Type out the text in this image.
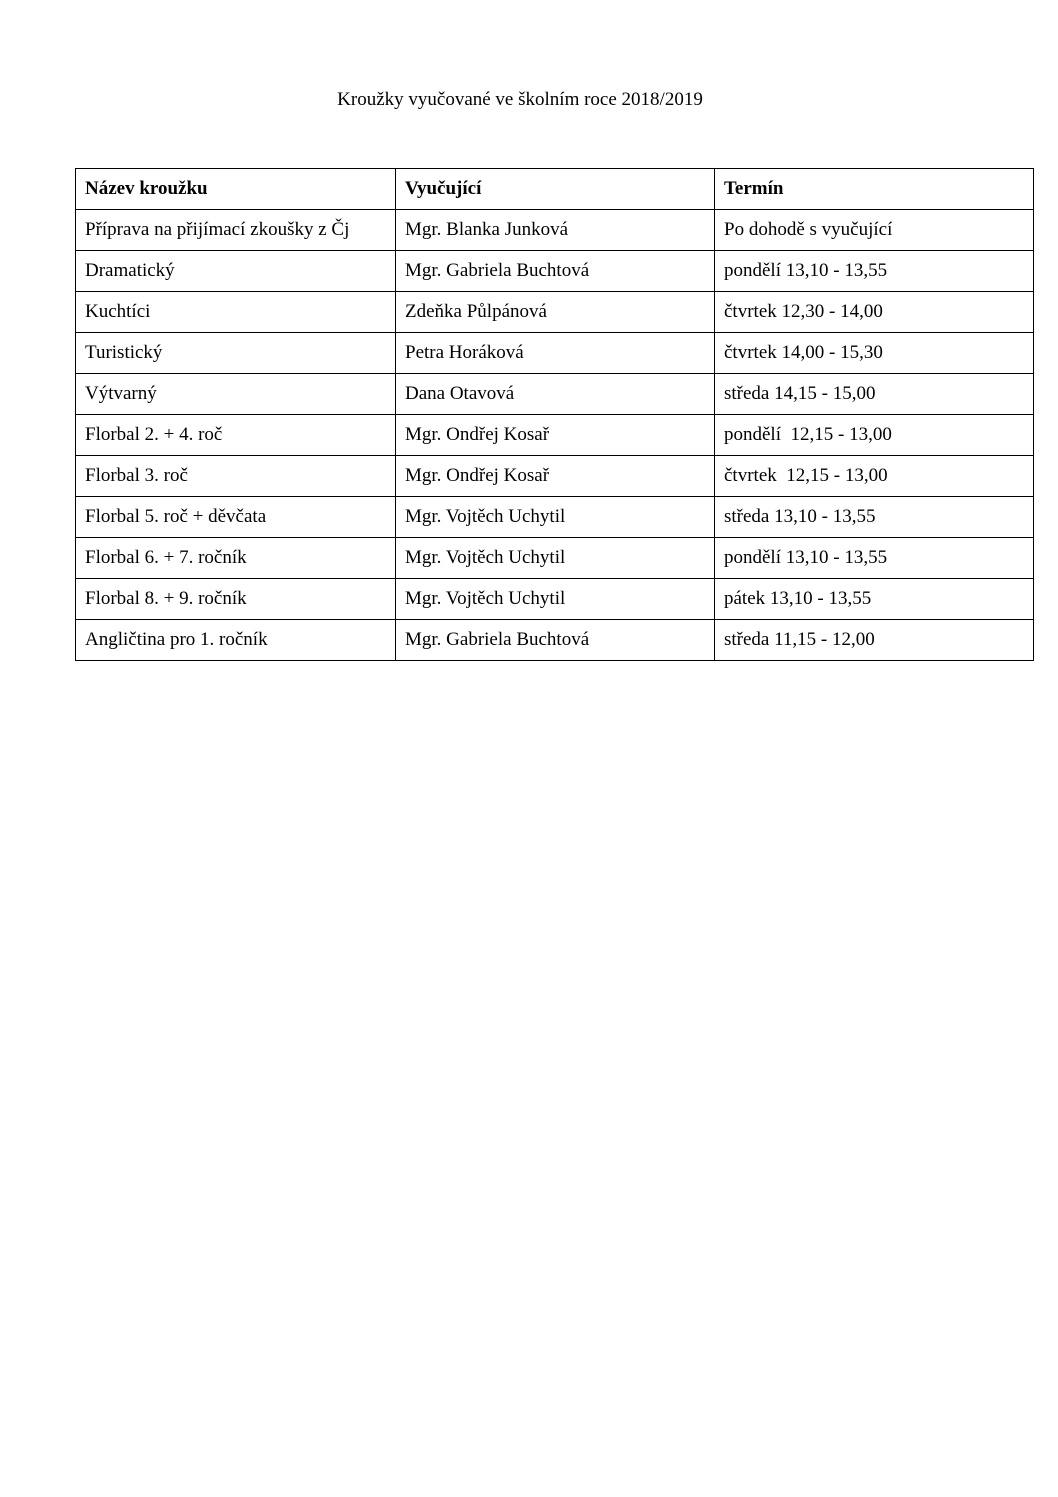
Kroužky vyučované ve školním roce 2018/2019
Název kroužku	Vyučující	Termín
Příprava na přijímací zkoušky z Čj	Mgr. Blanka Junková	Po dohodě s vyučující
Dramatický	Mgr. Gabriela Buchtová	pondělí 13,10 - 13,55
Kuchtíci	Zdeňka Půlpánová	čtvrtek 12,30 - 14,00
Turistický	Petra Horáková	čtvrtek 14,00 - 15,30
Výtvarný	Dana Otavová	středa 14,15 - 15,00
Florbal 2. + 4. roč	Mgr. Ondřej Kosař	pondělí  12,15 - 13,00
Florbal 3. roč	Mgr. Ondřej Kosař	čtvrtek  12,15 - 13,00
Florbal 5. roč + děvčata	Mgr. Vojtěch Uchytil	středa 13,10 - 13,55
Florbal 6. + 7. ročník	Mgr. Vojtěch Uchytil	pondělí 13,10 - 13,55
Florbal 8. + 9. ročník	Mgr. Vojtěch Uchytil	pátek 13,10 - 13,55
Angličtina pro 1. ročník	Mgr. Gabriela Buchtová	středa 11,15 - 12,00
